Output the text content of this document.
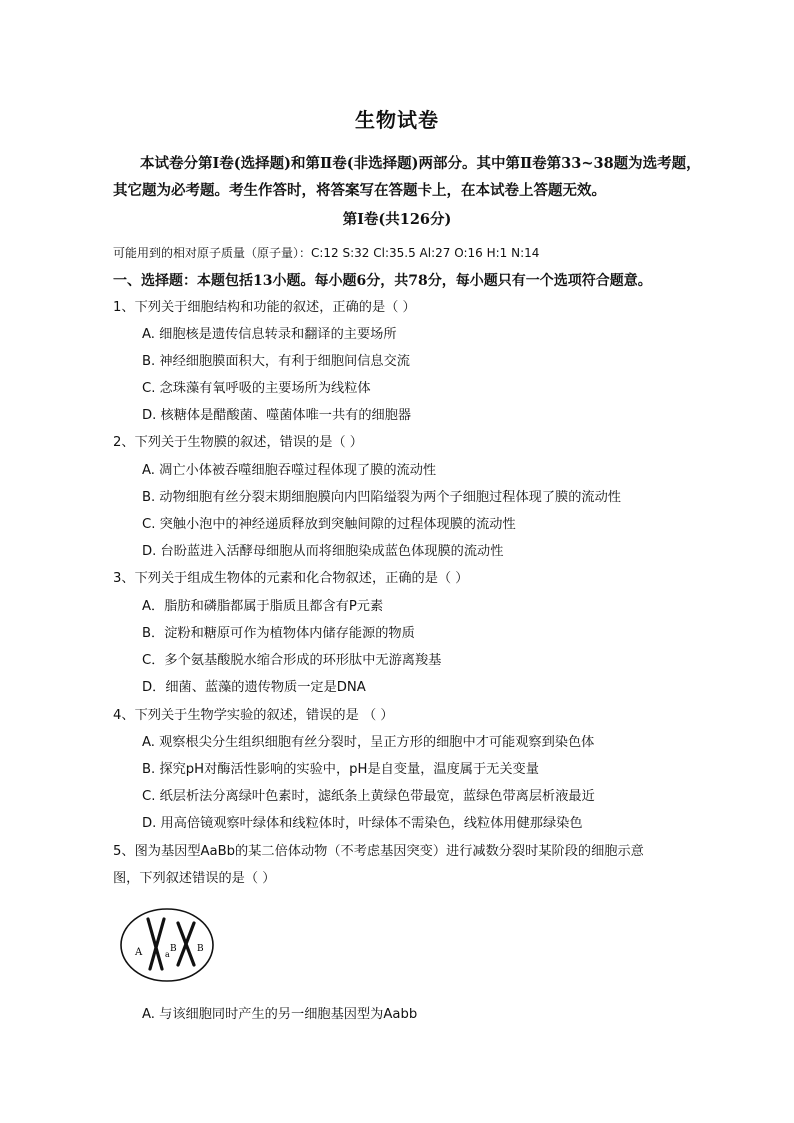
生物试卷
本试卷分第Ⅰ卷(选择题)和第Ⅱ卷(非选择题)两部分。其中第Ⅱ卷第33~38题为选考题，
其它题为必考题。考生作答时，将答案写在答题卡上，在本试卷上答题无效。
第Ⅰ卷(共126分)
可能用到的相对原子质量（原子量）：C:12 S:32 Cl:35.5 Al:27 O:16 H:1 N:14
一、选择题：本题包括13小题。每小题6分，共78分，每小题只有一个选项符合题意。
1、下列关于细胞结构和功能的叙述，正确的是（ ）
A. 细胞核是遗传信息转录和翻译的主要场所
B. 神经细胞膜面积大，有利于细胞间信息交流
C. 念珠藻有氧呼吸的主要场所为线粒体
D. 核糖体是醋酸菌、噬菌体唯一共有的细胞器
2、下列关于生物膜的叙述，错误的是（ ）
A. 凋亡小体被吞噬细胞吞噬过程体现了膜的流动性
B. 动物细胞有丝分裂末期细胞膜向内凹陷缢裂为两个子细胞过程体现了膜的流动性
C. 突触小泡中的神经递质释放到突触间隙的过程体现膜的流动性
D. 台盼蓝进入活酵母细胞从而将细胞染成蓝色体现膜的流动性
3、下列关于组成生物体的元素和化合物叙述，正确的是（ ）
A．脂肪和磷脂都属于脂质且都含有P元素
B．淀粉和糖原可作为植物体内储存能源的物质
C．多个氨基酸脱水缩合形成的环形肽中无游离羧基
D．细菌、蓝藻的遗传物质一定是DNA
4、下列关于生物学实验的叙述，错误的是 （ ）
A. 观察根尖分生组织细胞有丝分裂时，呈正方形的细胞中才可能观察到染色体
B. 探究pH对酶活性影响的实验中，pH是自变量，温度属于无关变量
C. 纸层析法分离绿叶色素时，滤纸条上黄绿色带最宽，蓝绿色带离层析液最近
D. 用高倍镜观察叶绿体和线粒体时，叶绿体不需染色，线粒体用健那绿染色
5、图为基因型AaBb的某二倍体动物（不考虑基因突变）进行减数分裂时某阶段的细胞示意
图，下列叙述错误的是（ ）
A	a
B B
A. 与该细胞同时产生的另一细胞基因型为Aabb
